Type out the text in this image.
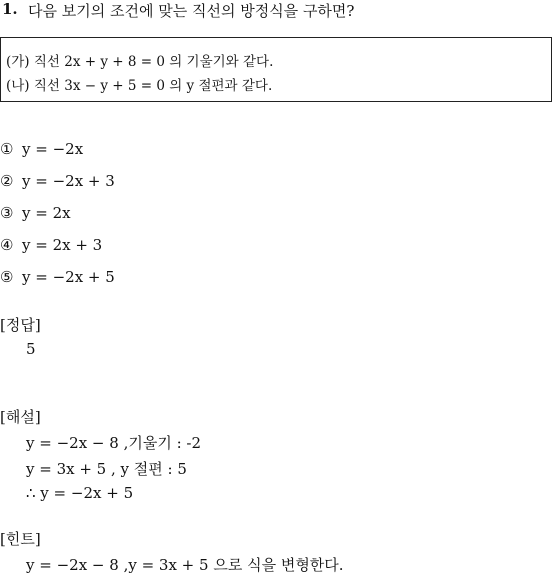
1. 다음 보기의 조건에 맞는 직선의 방정식을 구하면?
(가) 직선 2x + y + 8 = 0 의 기울기와 같다.
(나) 직선 3x − y + 5 = 0 의 y 절편과 같다.
① y = −2x
② y = −2x + 3
③ y = 2x
④ y = 2x + 3
⑤ y = −2x + 5
[정답]
5
[해설]
y = −2x − 8 ,기울기 : -2
y = 3x + 5 , y 절편 : 5
∴ y = −2x + 5
[힌트]
y = −2x − 8 ,y = 3x + 5 으로 식을 변형한다.
